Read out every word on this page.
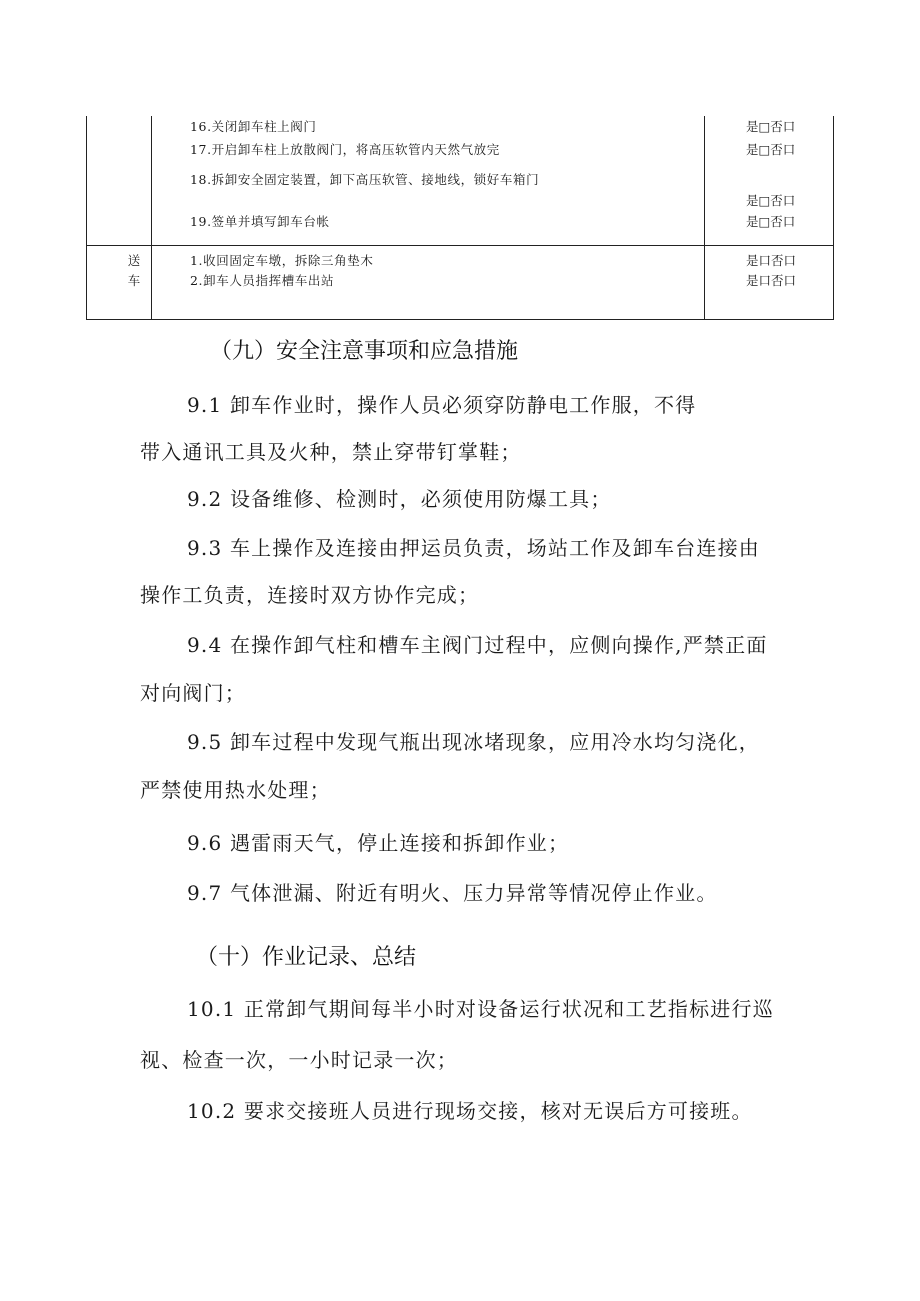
16.关闭卸车柱上阀门
17.开启卸车柱上放散阀门，将高压软管内天然气放完
18.拆卸安全固定装置，卸下高压软管、接地线，锁好车箱门
19.签单并填写卸车台帐
是□否口
是□否口
是□否口
是□否口
送
车
1.收回固定车墩，拆除三角垫木
2.卸车人员指挥槽车出站
是口否口
是口否口
（九）安全注意事项和应急措施
9.1 卸车作业时，操作人员必须穿防静电工作服，不得
带入通讯工具及火种，禁止穿带钉掌鞋；
9.2 设备维修、检测时，必须使用防爆工具；
9.3 车上操作及连接由押运员负责，场站工作及卸车台连接由
操作工负责，连接时双方协作完成；
9.4 在操作卸气柱和槽车主阀门过程中，应侧向操作,严禁正面
对向阀门；
9.5 卸车过程中发现气瓶出现冰堵现象，应用冷水均匀浇化，
严禁使用热水处理；
9.6 遇雷雨天气，停止连接和拆卸作业；
9.7 气体泄漏、附近有明火、压力异常等情况停止作业。
（十）作业记录、总结
10.1 正常卸气期间每半小时对设备运行状况和工艺指标进行巡
视、检查一次，一小时记录一次；
10.2 要求交接班人员进行现场交接，核对无误后方可接班。
